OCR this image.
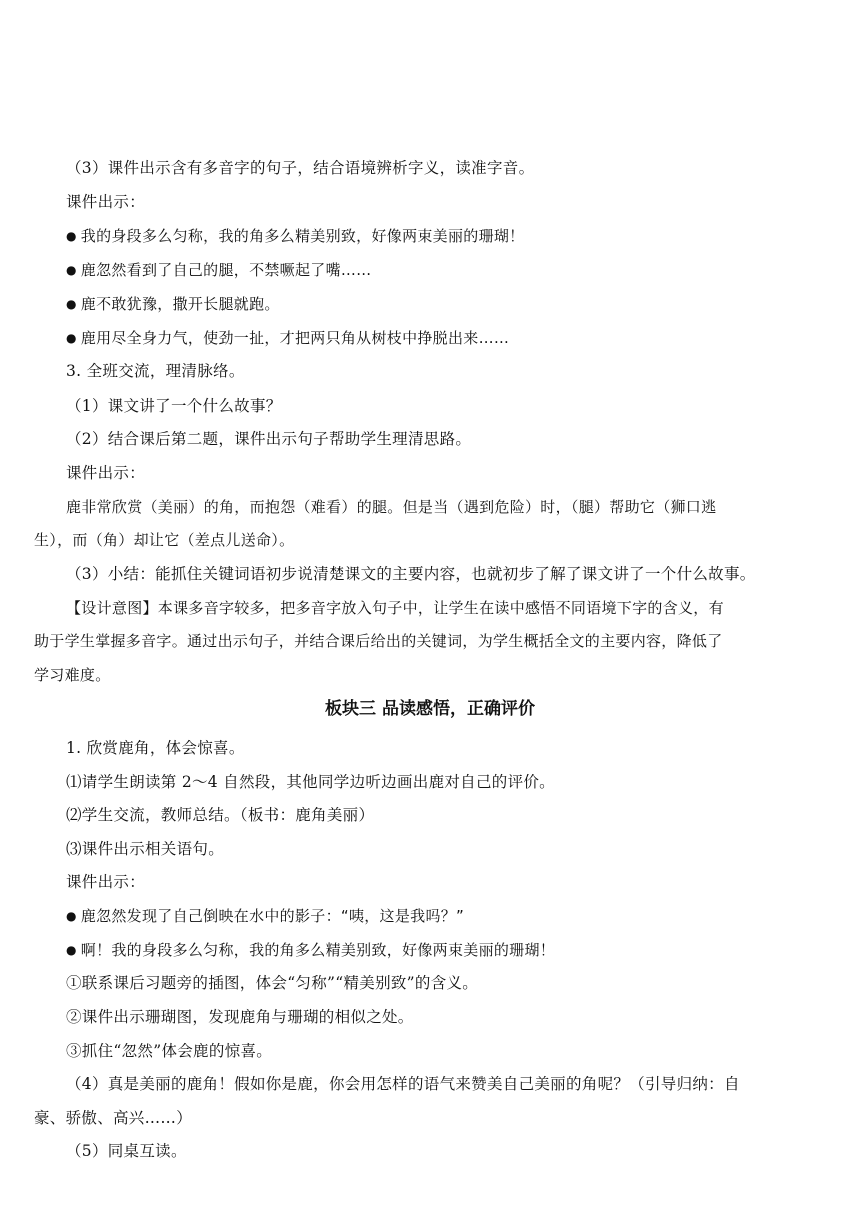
（3）课件出示含有多音字的句子，结合语境辨析字义，读准字音。
课件出示：
● 我的身段多么匀称，我的角多么精美别致，好像两束美丽的珊瑚！
● 鹿忽然看到了自己的腿，不禁噘起了嘴……
● 鹿不敢犹豫，撒开长腿就跑。
● 鹿用尽全身力气，使劲一扯，才把两只角从树枝中挣脱出来……
3. 全班交流，理清脉络。
（1）课文讲了一个什么故事？
（2）结合课后第二题，课件出示句子帮助学生理清思路。
课件出示：
鹿非常欣赏（美丽）的角，而抱怨（难看）的腿。但是当（遇到危险）时，（腿）帮助它（狮口逃
生），而（角）却让它（差点儿送命）。
（3）小结：能抓住关键词语初步说清楚课文的主要内容，也就初步了解了课文讲了一个什么故事。
【设计意图】本课多音字较多，把多音字放入句子中，让学生在读中感悟不同语境下字的含义，有
助于学生掌握多音字。通过出示句子，并结合课后给出的关键词，为学生概括全文的主要内容，降低了
学习难度。
板块三 品读感悟，正确评价
1. 欣赏鹿角，体会惊喜。
⑴请学生朗读第 2～4 自然段，其他同学边听边画出鹿对自己的评价。
⑵学生交流，教师总结。（板书：鹿角美丽）
⑶课件出示相关语句。
课件出示：
● 鹿忽然发现了自己倒映在水中的影子：“咦，这是我吗？”
● 啊！我的身段多么匀称，我的角多么精美别致，好像两束美丽的珊瑚！
①联系课后习题旁的插图，体会“匀称”“精美别致”的含义。
②课件出示珊瑚图，发现鹿角与珊瑚的相似之处。
③抓住“忽然”体会鹿的惊喜。
（4）真是美丽的鹿角！假如你是鹿，你会用怎样的语气来赞美自己美丽的角呢？（引导归纳：自
豪、骄傲、高兴……）
（5）同桌互读。
